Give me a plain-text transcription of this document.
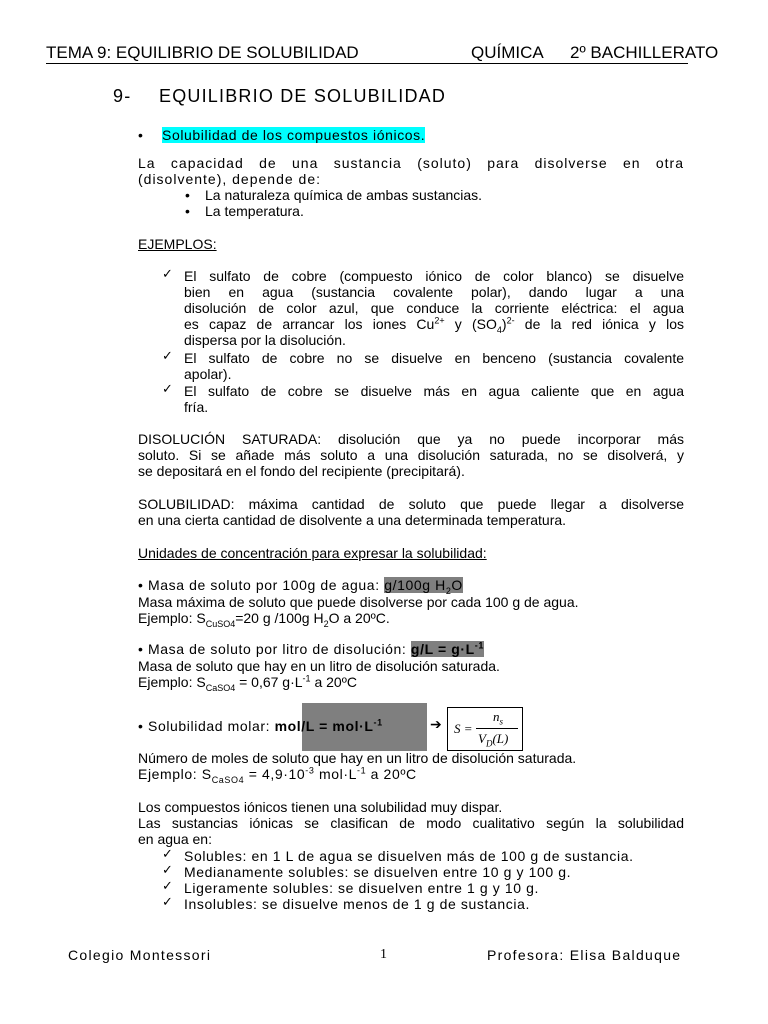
TEMA 9: EQUILIBRIO DE SOLUBILIDAD	QUÍMICA 2º BACHILLERATO

9- EQUILIBRIO DE SOLUBILIDAD
• Solubilidad de los compuestos iónicos.
La capacidad de una sustancia (soluto) para disolverse en otra
(disolvente), depende de:
• La naturaleza química de ambas sustancias.
• La temperatura.
EJEMPLOS:
✓ El sulfato de cobre (compuesto iónico de color blanco) se disuelve
bien en agua (sustancia covalente polar), dando lugar a una
disolución de color azul, que conduce la corriente eléctrica: el agua
es capaz de arrancar los iones $Cu^{2+}$ y $(SO_4)^{2-}$ de la red iónica y los
dispersa por la disolución.
✓ El sulfato de cobre no se disuelve en benceno (sustancia covalente
apolar).
✓ El sulfato de cobre se disuelve más en agua caliente que en agua
fría.
DISOLUCIÓN SATURADA: disolución que ya no puede incorporar más
soluto. Si se añade más soluto a una disolución saturada, no se disolverá, y
se depositará en el fondo del recipiente (precipitará).
SOLUBILIDAD: máxima cantidad de soluto que puede llegar a disolverse
en una cierta cantidad de disolvente a una determinada temperatura.
Unidades de concentración para expresar la solubilidad:
• Masa de soluto por 100g de agua: g/100g $H_2O$
Masa máxima de soluto que puede disolverse por cada 100 g de agua.
Ejemplo: $S_{CuSO4}=20$ g /100g $H_2O$ a 20ºC.
• Masa de soluto por litro de disolución: $g/L = g\cdot L^{-1}$
Masa de soluto que hay en un litro de disolución saturada.
Ejemplo: $S_{CaSO4} = 0,67$ $g\cdot L^{-1}$ a 20ºC
• Solubilidad molar: $mol/L = mol\cdot L^{-1}$	➔ S =
$n_s$
$V_D(L)$
Número de moles de soluto que hay en un litro de disolución saturada.
Ejemplo: $S_{CaSO4} = 4,9\cdot 10^{-3}$ $mol\cdot L^{-1}$ a 20ºC
Los compuestos iónicos tienen una solubilidad muy dispar.
Las sustancias iónicas se clasifican de modo cualitativo según la solubilidad
en agua en:
✓ Solubles: en 1 L de agua se disuelven más de 100 g de sustancia.
✓ Medianamente solubles: se disuelven entre 10 g y 100 g.
✓ Ligeramente solubles: se disuelven entre 1 g y 10 g.
✓ Insolubles: se disuelve menos de 1 g de sustancia.
Colegio Montessori	1	Profesora: Elisa Balduque
